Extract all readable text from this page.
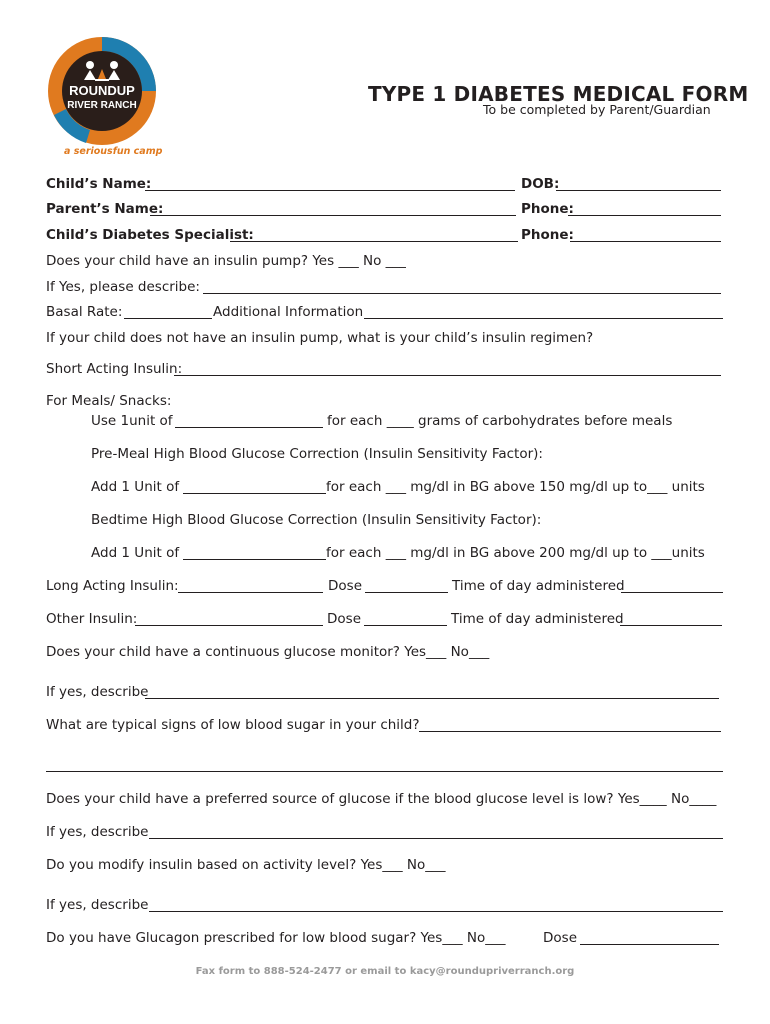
ROUNDUP
RIVER RANCH
a seriousfun camp
TYPE 1 DIABETES MEDICAL FORM
To be completed by Parent/Guardian
Child’s Name:	DOB:
Parent’s Name:	Phone:
Child’s Diabetes Specialist:	Phone:
Does your child have an insulin pump? Yes ___ No ___
If Yes, please describe:
Basal Rate:	Additional Information
If your child does not have an insulin pump, what is your child’s insulin regimen?
Short Acting Insulin:
For Meals/ Snacks:
Use 1unit of	for each ____ grams of carbohydrates before meals
Pre-Meal High Blood Glucose Correction (Insulin Sensitivity Factor):
Add 1 Unit of	for each ___ mg/dl in BG above 150 mg/dl up to___ units
Bedtime High Blood Glucose Correction (Insulin Sensitivity Factor):
Add 1 Unit of	for each ___ mg/dl in BG above 200 mg/dl up to ___units
Long Acting Insulin:	Dose	Time of day administered
Other Insulin:	Dose	Time of day administered
Does your child have a continuous glucose monitor? Yes___ No___
If yes, describe
What are typical signs of low blood sugar in your child?
Does your child have a preferred source of glucose if the blood glucose level is low? Yes____ No____
If yes, describe
Do you modify insulin based on activity level? Yes___ No___
If yes, describe
Do you have Glucagon prescribed for low blood sugar? Yes___ No___	Dose
Fax form to 888-524-2477 or email to kacy@roundupriverranch.org
